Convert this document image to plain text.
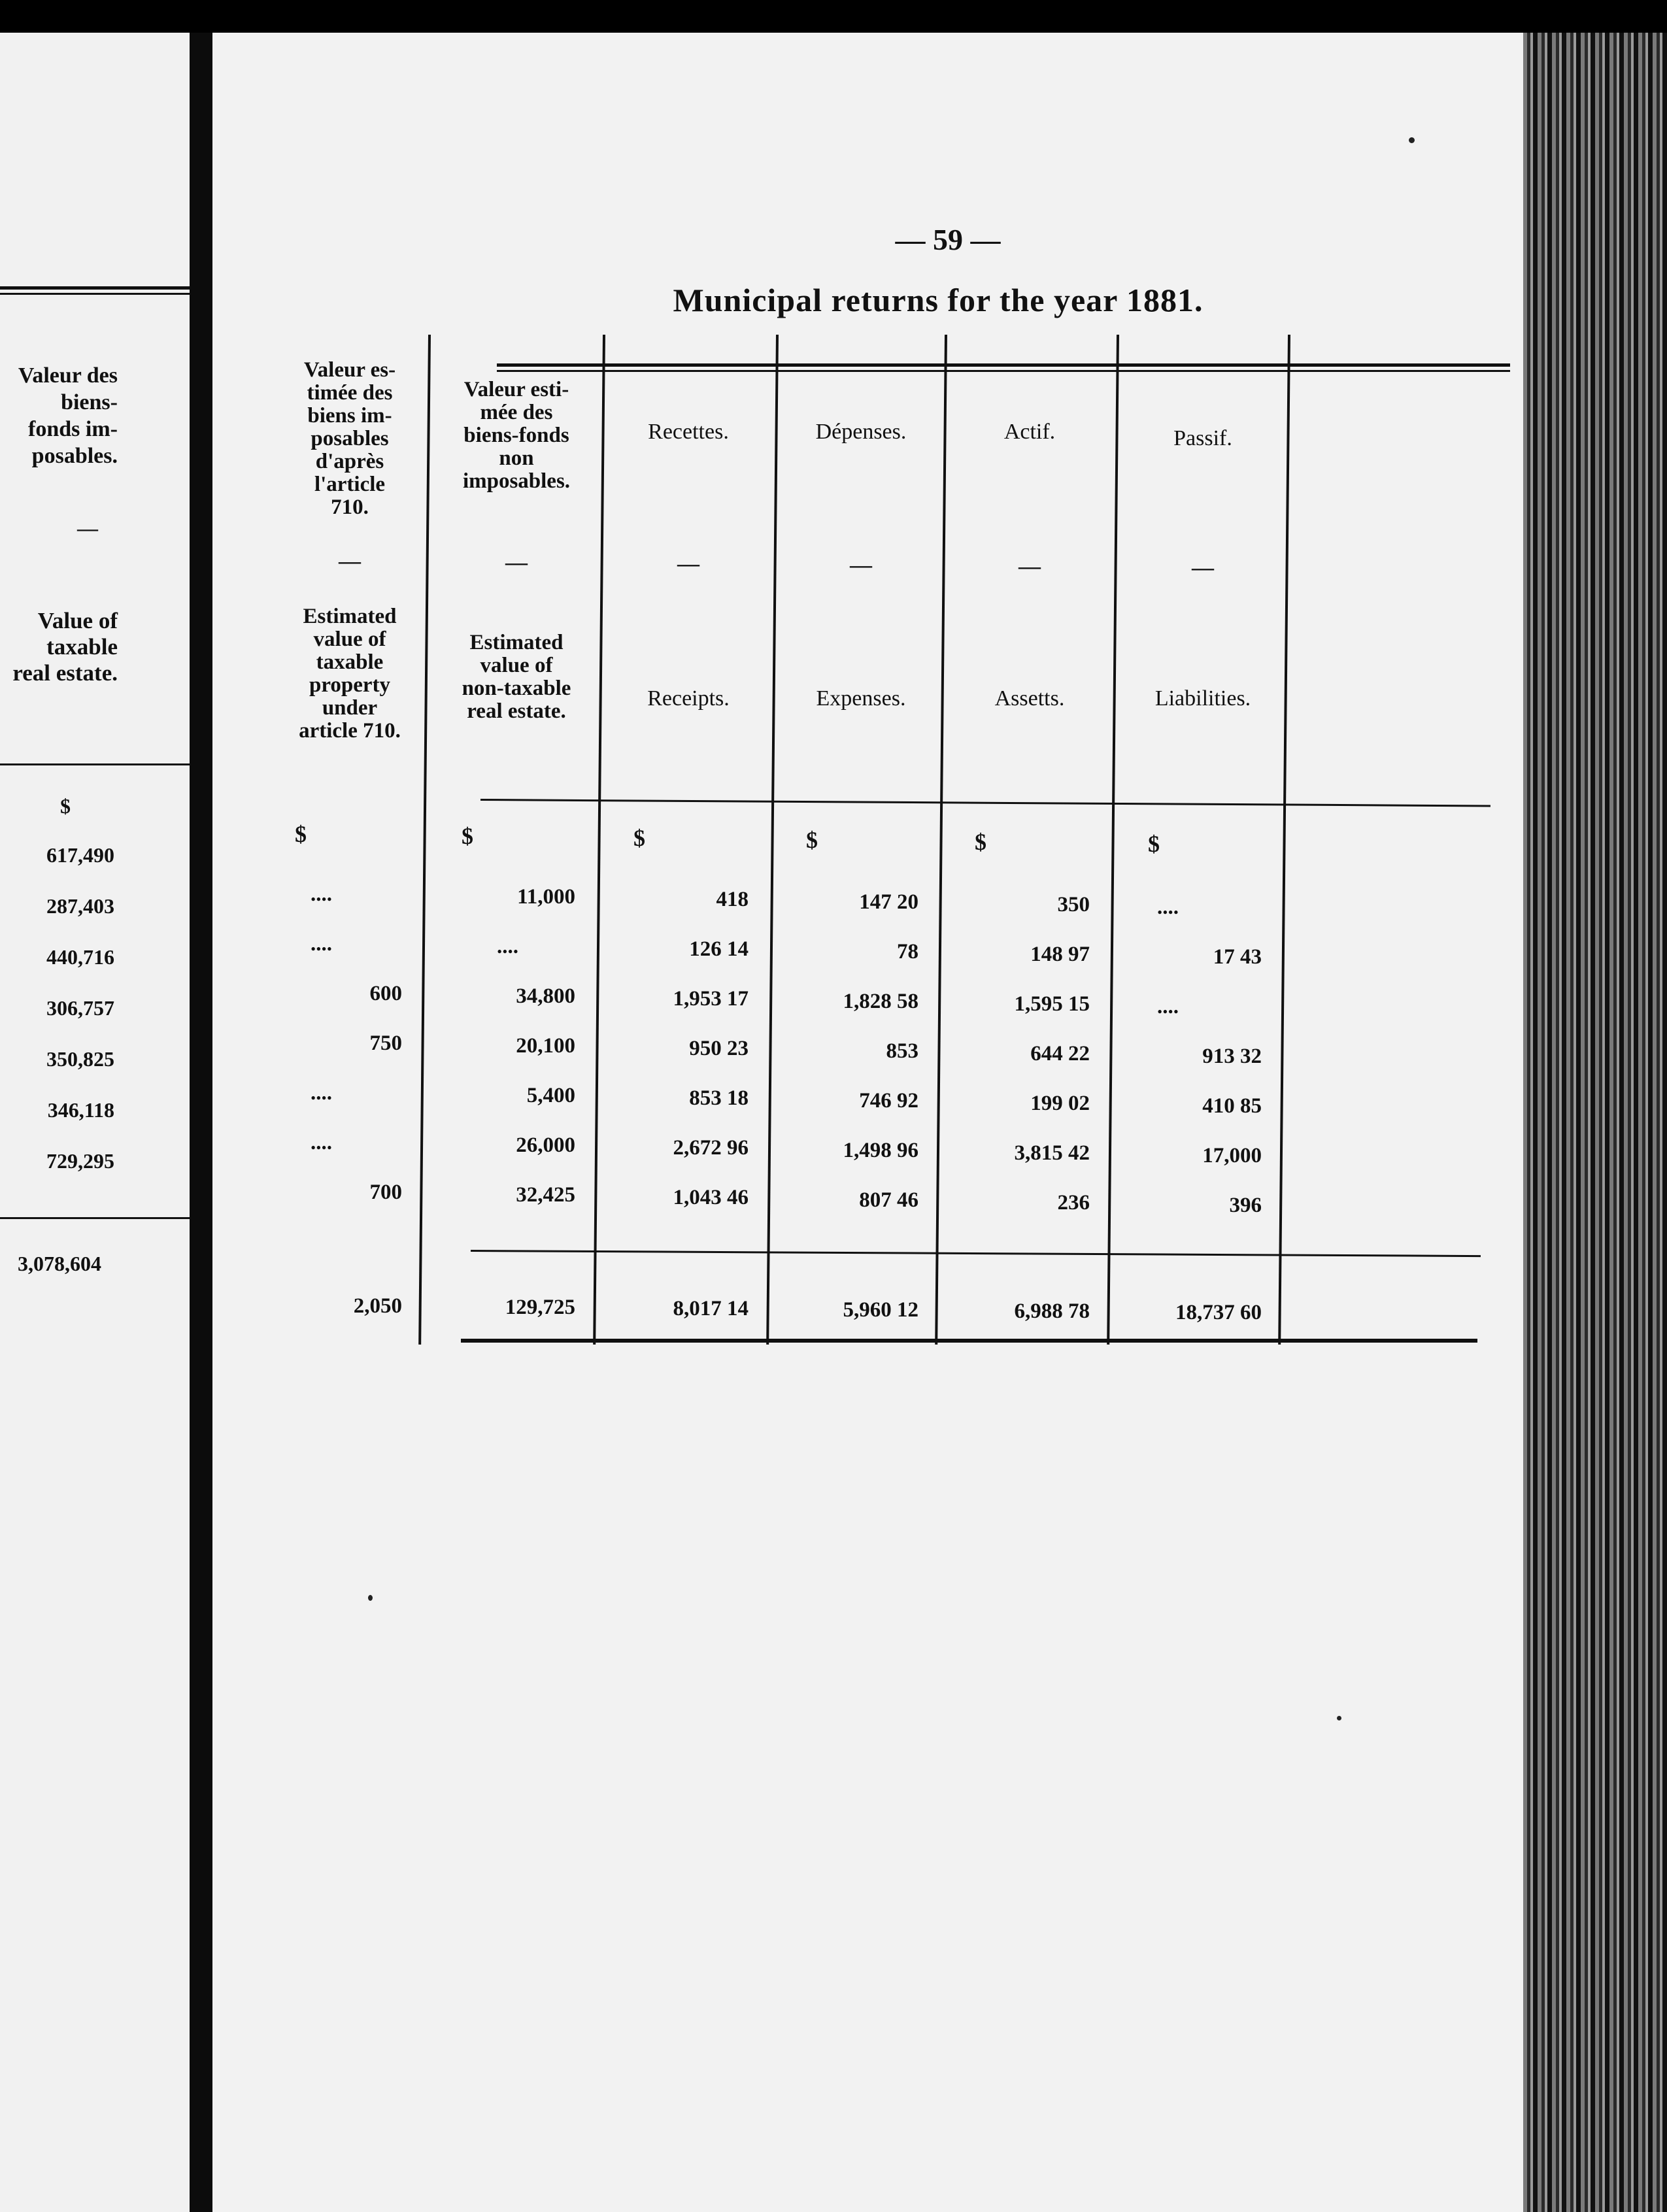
—
$
3,078,604
Valeur des
biens-
fonds im-
posables.
Value of
taxable
real estate.
617,490
287,403
440,716
306,757
350,825
346,118
729,295
— 59 —
Municipal returns for the year 1881.
Valeur es-
timée des
biens im-
posables
d'après
l'article
710.
—
Estimated
value of
taxable
property
under
article 710.
$
Valeur esti-
mée des
biens-fonds
non
imposables.
—
Estimated
value of
non-taxable
real estate.
$
Recettes.
—
Receipts.
$
Dépenses.
—
Expenses.
$
Actif.
—
Assetts.
$
Passif.
—
Liabilities.
$
....	11,000	418	147 20	350	....
....	....	126 14	78	148 97	17 43
600	34,800	1,953 17	1,828 58	1,595 15	....
750	20,100	950 23	853	644 22	913 32
....	5,400	853 18	746 92	199 02	410 85
....	26,000	2,672 96	1,498 96	3,815 42	17,000
700	32,425	1,043 46	807 46	236	396
2,050	129,725	8,017 14	5,960 12	6,988 78	18,737 60
